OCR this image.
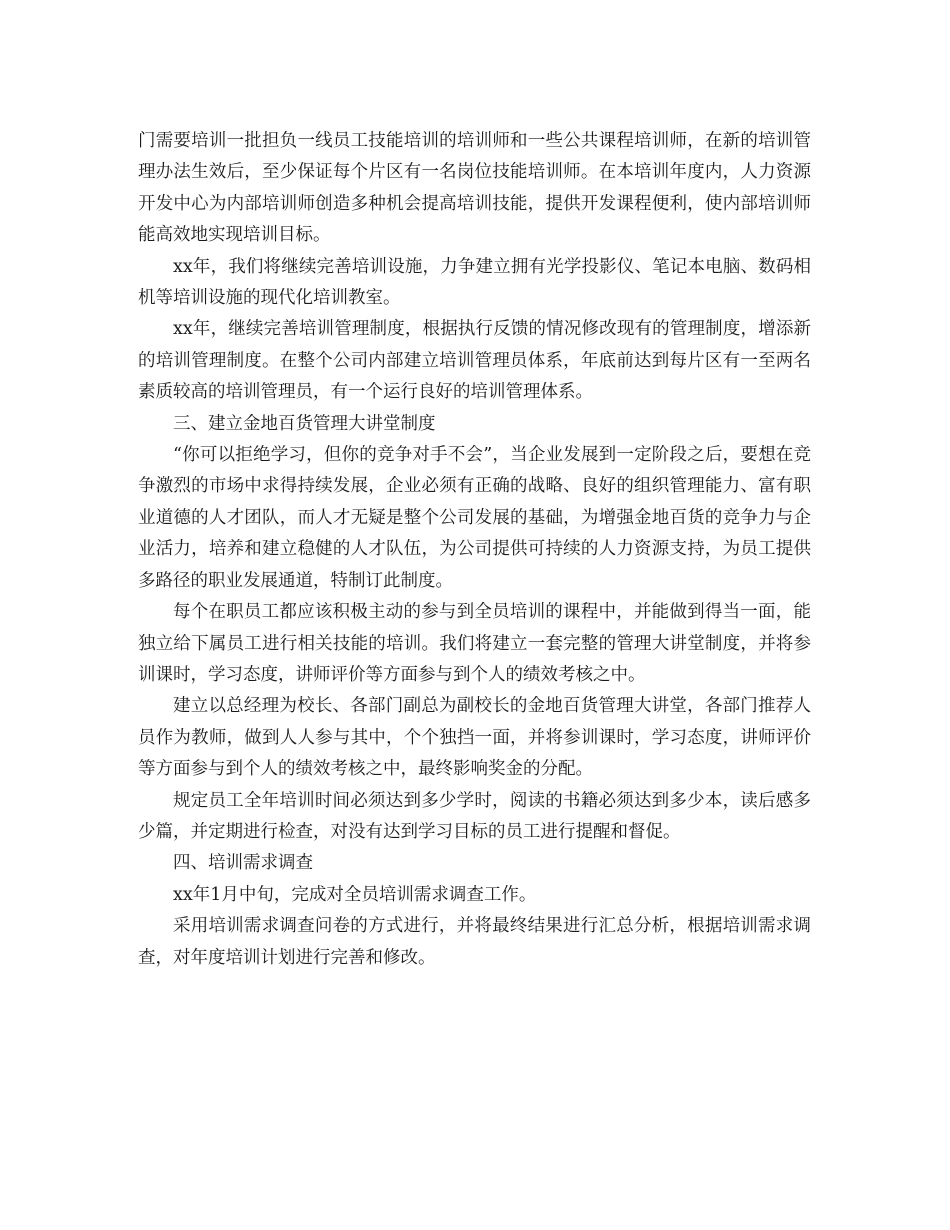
门需要培训一批担负一线员工技能培训的培训师和一些公共课程培训师，在新的培训管理办法生效后，至少保证每个片区有一名岗位技能培训师。在本培训年度内，人力资源开发中心为内部培训师创造多种机会提高培训技能，提供开发课程便利，使内部培训师能高效地实现培训目标。

xx年，我们将继续完善培训设施，力争建立拥有光学投影仪、笔记本电脑、数码相机等培训设施的现代化培训教室。

xx年，继续完善培训管理制度，根据执行反馈的情况修改现有的管理制度，增添新的培训管理制度。在整个公司内部建立培训管理员体系，年底前达到每片区有一至两名素质较高的培训管理员，有一个运行良好的培训管理体系。

三、建立金地百货管理大讲堂制度

“你可以拒绝学习，但你的竞争对手不会”，当企业发展到一定阶段之后，要想在竞争激烈的市场中求得持续发展，企业必须有正确的战略、良好的组织管理能力、富有职业道德的人才团队，而人才无疑是整个公司发展的基础，为增强金地百货的竞争力与企业活力，培养和建立稳健的人才队伍，为公司提供可持续的人力资源支持，为员工提供多路径的职业发展通道，特制订此制度。

每个在职员工都应该积极主动的参与到全员培训的课程中，并能做到得当一面，能独立给下属员工进行相关技能的培训。我们将建立一套完整的管理大讲堂制度，并将参训课时，学习态度，讲师评价等方面参与到个人的绩效考核之中。

建立以总经理为校长、各部门副总为副校长的金地百货管理大讲堂，各部门推荐人员作为教师，做到人人参与其中，个个独挡一面，并将参训课时，学习态度，讲师评价等方面参与到个人的绩效考核之中，最终影响奖金的分配。

规定员工全年培训时间必须达到多少学时，阅读的书籍必须达到多少本，读后感多少篇，并定期进行检查，对没有达到学习目标的员工进行提醒和督促。

四、培训需求调查

xx年1月中旬，完成对全员培训需求调查工作。

采用培训需求调查问卷的方式进行，并将最终结果进行汇总分析，根据培训需求调查，对年度培训计划进行完善和修改。
